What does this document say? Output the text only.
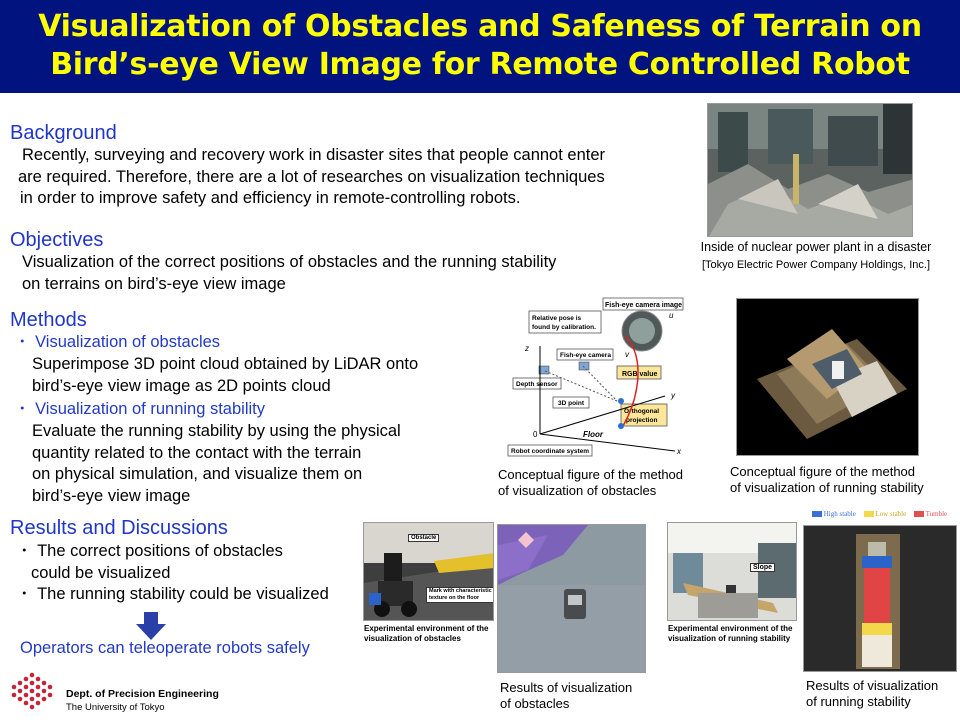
Visualization of Obstacles and Safeness of Terrain on
Bird’s-eye View Image for Remote Controlled Robot
Background
Recently, surveying and recovery work in disaster sites that people cannot enter
are required. Therefore, there are a lot of researches on visualization techniques
in order to improve safety and efficiency in remote-controlling robots.
Objectives
Visualization of the correct positions of obstacles and the running stability
on terrains on bird’s-eye view image
Methods
・ Visualization of obstacles
Superimpose 3D point cloud obtained by LiDAR onto
bird’s-eye view image as 2D points cloud
・ Visualization of running stability
Evaluate the running stability by using the physical
quantity related to the contact with the terrain
on physical simulation, and visualize them on
bird’s-eye view image
Results and Discussions
・ The correct positions of obstacles
could be visualized
・ The running stability could be visualized
Operators can teleoperate robots safely
Dept. of Precision Engineering
The University of Tokyo
Inside of nuclear power plant in a disaster
[Tokyo Electric Power Company Holdings, Inc.]
Fish-eye camera image
u
v
Relative pose is
found by calibration.
Fish-eye camera
Depth sensor
RGB value
3D point
Orthogonal
projection
z
y
x
0	Floor
Robot coordinate system
Conceptual figure of the method
of visualization of obstacles
Conceptual figure of the method
of visualization of running stability
Obstacle
Mark with characteristic
texture on the floor
Experimental environment of the
visualization of obstacles
Results of visualization
of obstacles
Slope
Experimental environment of the
visualization of running stability
High stable	Low stable	Tumble
Results of visualization
of running stability
